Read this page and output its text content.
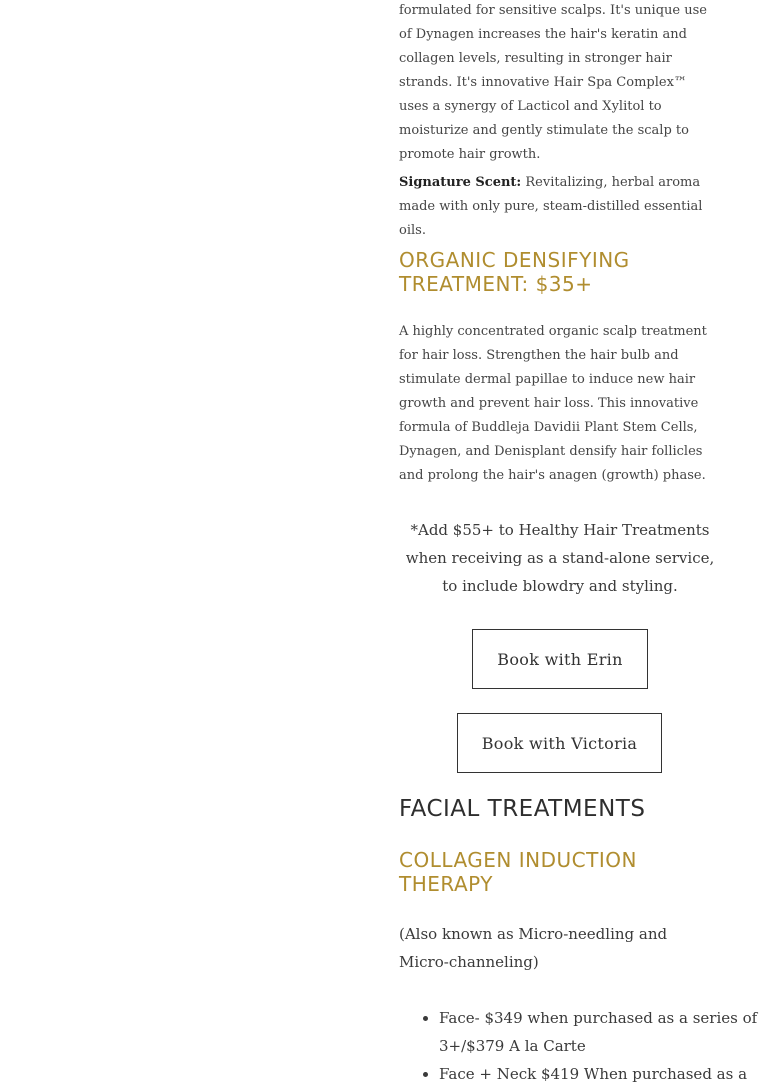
formulated for sensitive scalps. It's unique use of Dynagen increases the hair's keratin and collagen levels, resulting in stronger hair strands. It's innovative Hair Spa Complex™ uses a synergy of Lacticol and Xylitol to moisturize and gently stimulate the scalp to promote hair growth.

Signature Scent: Revitalizing, herbal aroma made with only pure, steam-distilled essential oils.

ORGANIC DENSIFYING TREATMENT: $35+

A highly concentrated organic scalp treatment for hair loss. Strengthen the hair bulb and stimulate dermal papillae to induce new hair growth and prevent hair loss. This innovative formula of Buddleja Davidii Plant Stem Cells, Dynagen, and Denisplant densify hair follicles and prolong the hair's anagen (growth) phase.

*Add $55+ to Healthy Hair Treatments when receiving as a stand-alone service, to include blowdry and styling.

FACIAL TREATMENTS
COLLAGEN INDUCTION THERAPY

(Also known as Micro-needling and Micro-channeling)

• Face- $349 when purchased as a series of 3+/$379 A la Carte
• Face + Neck $419 When purchased as a
Book with Erin
Book with Victoria
